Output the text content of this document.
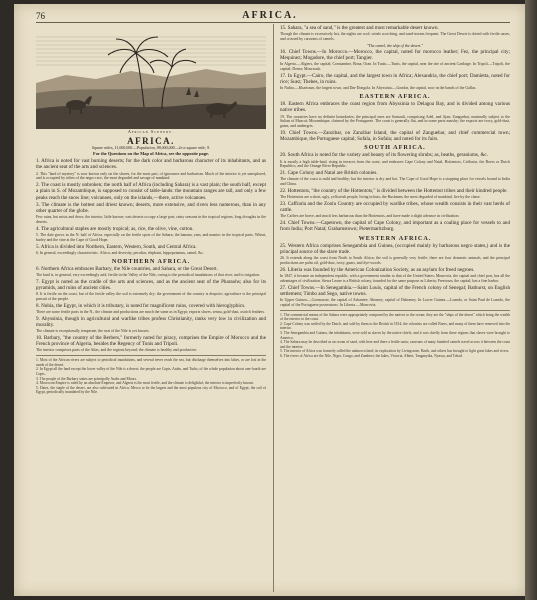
76	AFRICA.
African Scenery.
AFRICA.
Square miles, 11,000,000.—Population, 98,000,000.—In a square mile, 9.
For the Questions on the Map of Africa, see the opposite page.
1. Africa is noted for vast burning deserts; for the dark color and barbarous character of its inhabitants, and as the ancient seat of the arts and sciences.
2. This "land of mystery" is now known only on the shores, for the most part, of ignorance and barbarism. Much of the interior is yet unexplored, and is occupied by tribes of the negro race, the most degraded and savage of mankind.
2. The coast is mostly unbroken; the north half of Africa (including Sahara) is a vast plain; the south half, except a plain in S. of Mozambique, is supposed to consist of table-lands: the mountain ranges are tall, and only a few peaks reach the snow line; volcanoes, only on the islands,—there, active volcanoes.
3. The climate is the hottest and driest known; deserts, more extensive, and rivers less numerous, than in any other quarter of the globe.
Few rains, but mists and dews; the interior, little known; vast deserts occupy a large part; rainy seasons in the tropical regions; long droughts in the deserts.
4. The agricultural staples are mostly tropical; as, rice, the olive, vine, cotton.
5. The date grows in the N. half of Africa, especially on the fertile spots of the Sahara; the banana, yam, and manioc in the tropical parts. Wheat, barley and the vine at the Cape of Good Hope.
5. Africa is divided into Northern, Eastern, Western, South, and Central Africa.
6. In general, exceedingly characteristic. Africa, and diversity, peculiar, elephant, hippopotamus, camel, &c.
NORTHERN AFRICA.
6. Northern Africa embraces Barbary, the Nile countries, and Sahara, or the Great Desert.
The land is, in general, very exceedingly arid, fertile in the Valley of the Nile, owing to the periodical inundations of that river, and to irrigation.
7. Egypt is noted as the cradle of the arts and sciences, and as the ancient seat of the Pharaohs; also for its pyramids, and ruins of ancient cities.
8. It is fertile on the coast, but of the fertile valley the soil is extremely dry; the government of the country is despotic; agriculture is the principal pursuit of the people.
8. Nubia, the Egypt, in which it is tributary, is noted for magnificent ruins, covered with hieroglyphics.
There are some fertile parts in the N., the climate and productions are much the same as in Egypt; exports slaves, senna, gold-dust, ostrich feathers.
9. Abyssinia, though in agricultural and warlike tribes profess Christianity, ranks very low in civilization and morality.
The climate is exceptionally temperate, the seat of the Nile is yet known.
10. Barbary, "the country of the Berbers," formerly noted for piracy, comprises the Empire of Morocco and the French province of Algeria, besides the Regency of Tunis and Tripoli.
The interior comprises parts of the Atlas, and the regions beyond; the climate is healthy and productive.
1. Most of the African rivers are subject to periodical inundations, and several never reach the sea, but discharge themselves into lakes, or are lost in the sands of the desert.
2. In Egypt all the land except the lower valley of the Nile is a desert; the people are Copts, Arabs, and Turks; of the whole population about one-fourth are Copts.
3. The people of the Barbary states are principally Arabs and Moors.
4. Moroccan Empire is ruled by an absolute Emperor, and Algeria is the most fertile, and the climate is delightful; the interior is imperfectly known.
5. Dates, the staple of the desert, are also cultivated in Africa; Mecca to be the largest and the most populous city of Morocco, and of Egypt; the soil of Egypt, periodically inundated by the Nile.
15. Sahara, "a sea of sand," is the greatest and most remarkable desert known.
Though the climate is excessively hot, the nights are cool; winds scorching, and sand-storms frequent. The Great Desert is dotted with fertile oases, and crossed by caravans of camels.
"The camel, the ship of the desert."
16. Chief Towns.—In Morocco.—Morocco, the capital, noted for morocco leather; Fez, the principal city; Mequinez; Mogadore, the chief port; Tangier.
In Algeria.—Algiers, the capital; Constantine, Bona, Oran. In Tunis.—Tunis, the capital, near the site of ancient Carthage. In Tripoli.—Tripoli, the capital; Derna; Mourzouk.
17. In Egypt.—Cairo, the capital, and the largest town in Africa; Alexandria, the chief port; Damietta, noted for rice; Suez; Thebes, in ruins.
In Nubia.—Khartoum, the largest town, and Dar-Dongola. In Abyssinia.—Gondar, the capital, now in the hands of the Gallas.
EASTERN AFRICA.
18. Eastern Africa embraces the coast region from Abyssinia to Delagoa Bay, and is divided among various native tribes.
19. The countries have no definite boundaries; the principal ones are Somauli, comprising Adel, and Ajan; Zanguebar, nominally subject to the Sultan of Muscat; Mozambique, claimed by the Portuguese. The coast is generally flat, and in some parts marshy; the exports are ivory, gold-dust, gums, and ambergris.
19. Chief Towns.—Zanzibar, on Zanzibar Island, the capital of Zanguebar, and chief commercial town; Mozambique, the Portuguese capital; Sofala, in Sofala; and noted for its fairs.
SOUTH AFRICA.
20. South Africa is noted for the variety and beauty of its flowering shrubs; as, heaths, geraniums, &c.
It is mostly a high table-land, rising in terraces from the coast, and embraces Cape Colony and Natal, Hottentots, Caffraria, the Boers or Dutch Republics, and the Orange River Republic.
21. Cape Colony and Natal are British colonies.
The climate of the coast is mild and healthy; but the interior is dry and hot. The Cape of Good Hope is a stopping place for vessels bound to India and China.
22. Hottentots, "the country of the Hottentots," is divided between the Hottentot tribes and their kindred people.
The Hottentots are a short, ugly, yellowish people, living in huts; the Bushmen, the most degraded of mankind, live by the chase.
23. Caffraria and the Zoolu Country are occupied by warlike tribes, whose wealth consists in their vast herds of cattle.
The Caffres are brave, and much less barbarous than the Hottentots, and have made a slight advance in civilization.
24. Chief Towns.—Capetown, the capital of Cape Colony, and important as a coaling place for vessels to and from India; Port Natal; Grahamstown; Pietermaritzburg.
WESTERN AFRICA.
25. Western Africa comprises Senegambia and Guinea, (occupied mainly by barbarous negro states,) and is the principal source of the slave trade.
26. It extends along the coast from North to South Africa; the soil is generally very fertile; there are four domestic animals, and the principal productions are palm oil, gold-dust, ivory, gums, and dye-woods.
26. Liberia was founded by the American Colonization Society, as an asylum for freed negroes.
In 1847, it became an independent republic, with a government similar to that of the United States; Monrovia, the capital and chief port, has all the advantages of civilization. Sierra Leone is a British colony, founded for the same purpose as Liberia; Freetown, the capital, has a fine harbor.
27. Chief Towns.—In Senegambia.—Saint Louis, capital of the French colony of Senegal; Bathurst, on English settlement; Timbo and Sego, native towns.
In Upper Guinea.—Coomassie, the capital of Ashantee; Abomey, capital of Dahomey. In Lower Guinea.—Loando, or Saint Paul de Loando, the capital of the Portuguese possessions. In Liberia.—Monrovia.
1. The commercial means of the Sahara were appropriately compared by the natives to the ocean; they are the "ships of the desert" which bring the wealth of the interior to the coast.
2. Cape Colony was settled by the Dutch, and sold by them to the British in 1814; the colonists are called Boers, and many of them have removed into the interior.
3. The Senegambia and Guinea, the inhabitants, were sold as slaves by the native chiefs, and it was chiefly from these regions that slaves were brought to America.
4. The Sahara may be described as an ocean of sand, with here and there a fertile oasis; caravans of many hundred camels travel across it between the coast and the interior.
5. The interior of Africa was formerly called the unknown land; its exploration by Livingstone, Barth, and others has brought to light great lakes and rivers.
6. The rivers of Africa are the Nile, Niger, Congo, and Zambezi; the lakes, Victoria, Albert, Tanganyika, Nyassa, and Tchad.
